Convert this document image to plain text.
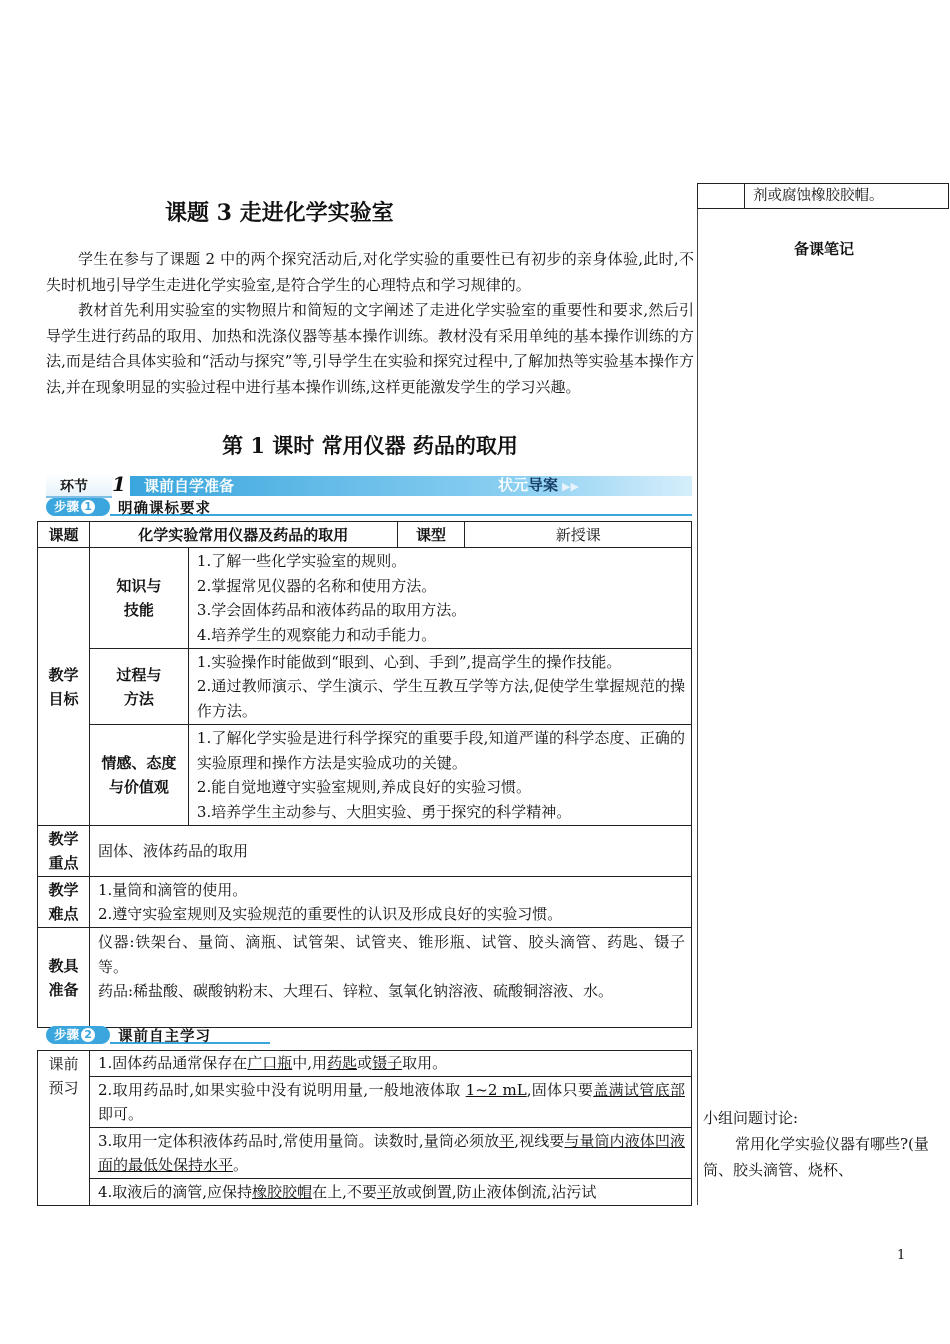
剂或腐蚀橡胶胶帽。
备课笔记
小组问题讨论:
常用化学实验仪器有哪些?(量筒、胶头滴管、烧杯、
课题 3 走进化学实验室

学生在参与了课题 2 中的两个探究活动后,对化学实验的重要性已有初步的亲身体验,此时,不失时机地引导学生走进化学实验室,是符合学生的心理特点和学习规律的。

教材首先利用实验室的实物照片和简短的文字阐述了走进化学实验室的重要性和要求,然后引导学生进行药品的取用、加热和洗涤仪器等基本操作训练。教材没有采用单纯的基本操作训练的方法,而是结合具体实验和“活动与探究”等,引导学生在实验和探究过程中,了解加热等实验基本操作方法,并在现象明显的实验过程中进行基本操作训练,这样更能激发学生的学习兴趣。

第 1 课时 常用仪器 药品的取用
环节 1 课前自学准备	状元导案 ▶▶
步骤 1	明确课标要求
课题	化学实验常用仪器及药品的取用		课型	新授课

教学目标	知识与技能	1.了解一些化学实验室的规则。
2.掌握常见仪器的名称和使用方法。
3.学会固体药品和液体药品的取用方法。
4.培养学生的观察能力和动手能力。		

	过程与方法	1.实验操作时能做到“眼到、心到、手到”,提高学生的操作技能。
2.通过教师演示、学生演示、学生互教互学等方法,促使学生掌握规范的操作方法。		

	情感、态度与价值观	1.了解化学实验是进行科学探究的重要手段,知道严谨的科学态度、正确的实验原理和操作方法是实验成功的关键。
2.能自觉地遵守实验室规则,养成良好的实验习惯。
3.培养学生主动参与、大胆实验、勇于探究的科学精神。		

教学重点	固体、液体药品的取用			

教学难点	1.量筒和滴管的使用。
2.遵守实验室规则及实验规范的重要性的认识及形成良好的实验习惯。			

教具准备	仪器:铁架台、量筒、滴瓶、试管架、试管夹、锥形瓶、试管、胶头滴管、药匙、镊子等。
药品:稀盐酸、碳酸钠粉末、大理石、锌粒、氢氧化钠溶液、硫酸铜溶液、水。			
步骤 2	课前自主学习
课前预习
	1.固体药品通常保存在广口瓶中,用药匙或镊子取用。
2.取用药品时,如果实验中没有说明用量,一般地液体取 1~2 mL,固体只要盖满试管底部即可。
3.取用一定体积液体药品时,常使用量筒。读数时,量筒必须放平,视线要与量筒内液体凹液面的最低处保持水平。
4.取液后的滴管,应保持橡胶胶帽在上,不要平放或倒置,防止液体倒流,沾污试
1
